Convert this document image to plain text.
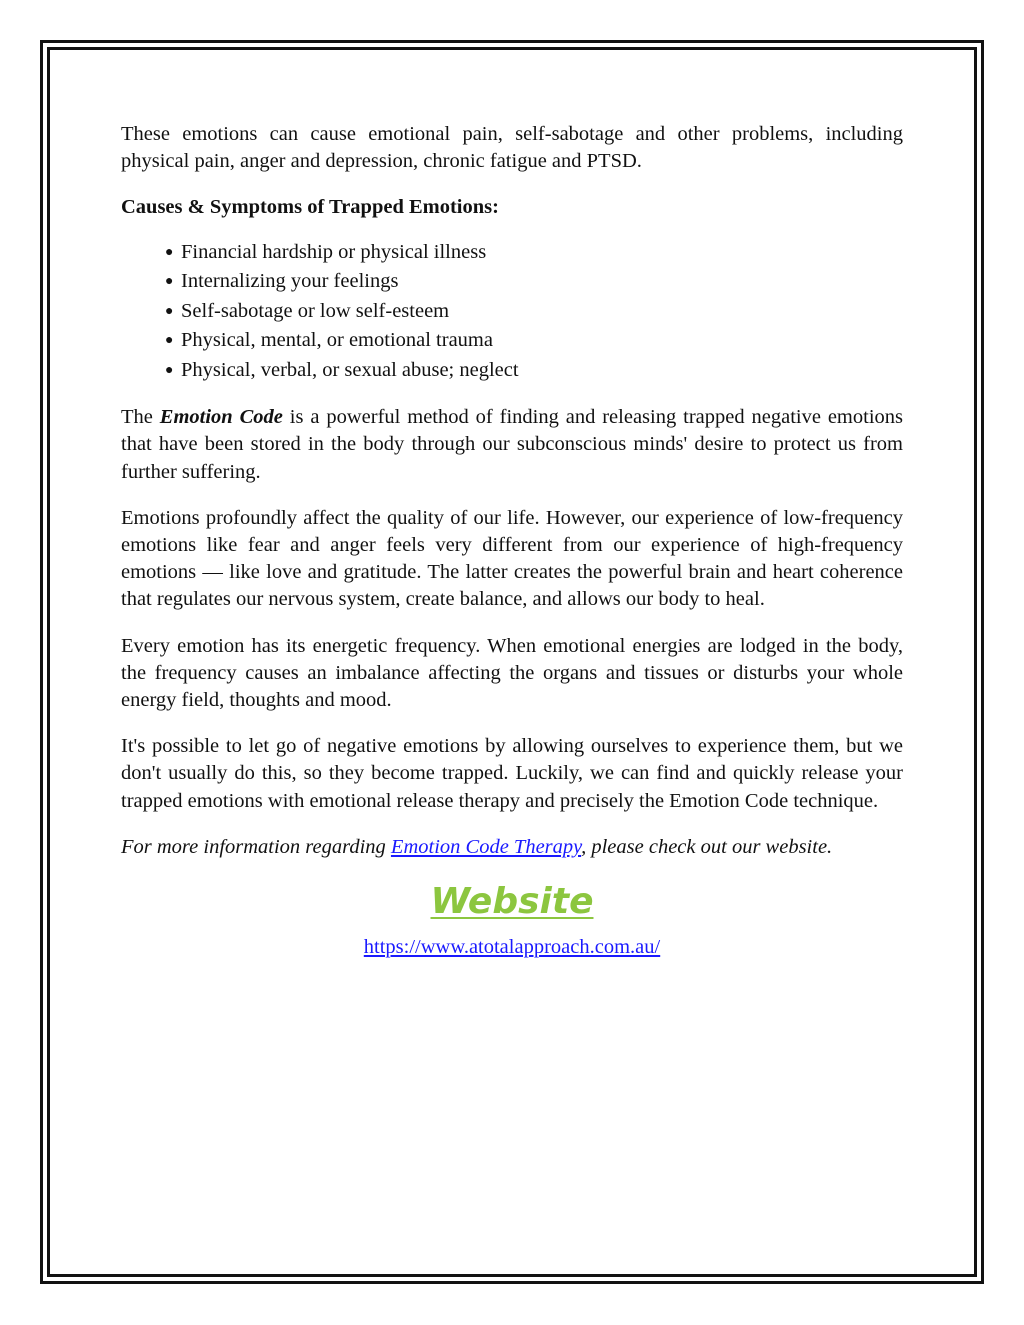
These emotions can cause emotional pain, self-sabotage and other problems, including physical pain, anger and depression, chronic fatigue and PTSD.

Causes & Symptoms of Trapped Emotions:

● Financial hardship or physical illness
● Internalizing your feelings
● Self-sabotage or low self-esteem
● Physical, mental, or emotional trauma
● Physical, verbal, or sexual abuse; neglect

The Emotion Code is a powerful method of finding and releasing trapped negative emotions that have been stored in the body through our subconscious minds' desire to protect us from further suffering.

Emotions profoundly affect the quality of our life. However, our experience of low-frequency emotions like fear and anger feels very different from our experience of high-frequency emotions — like love and gratitude. The latter creates the powerful brain and heart coherence that regulates our nervous system, create balance, and allows our body to heal.

Every emotion has its energetic frequency. When emotional energies are lodged in the body, the frequency causes an imbalance affecting the organs and tissues or disturbs your whole energy field, thoughts and mood.

It's possible to let go of negative emotions by allowing ourselves to experience them, but we don't usually do this, so they become trapped. Luckily, we can find and quickly release your trapped emotions with emotional release therapy and precisely the Emotion Code technique.

For more information regarding Emotion Code Therapy, please check out our website.

Website

https://www.atotalapproach.com.au/
